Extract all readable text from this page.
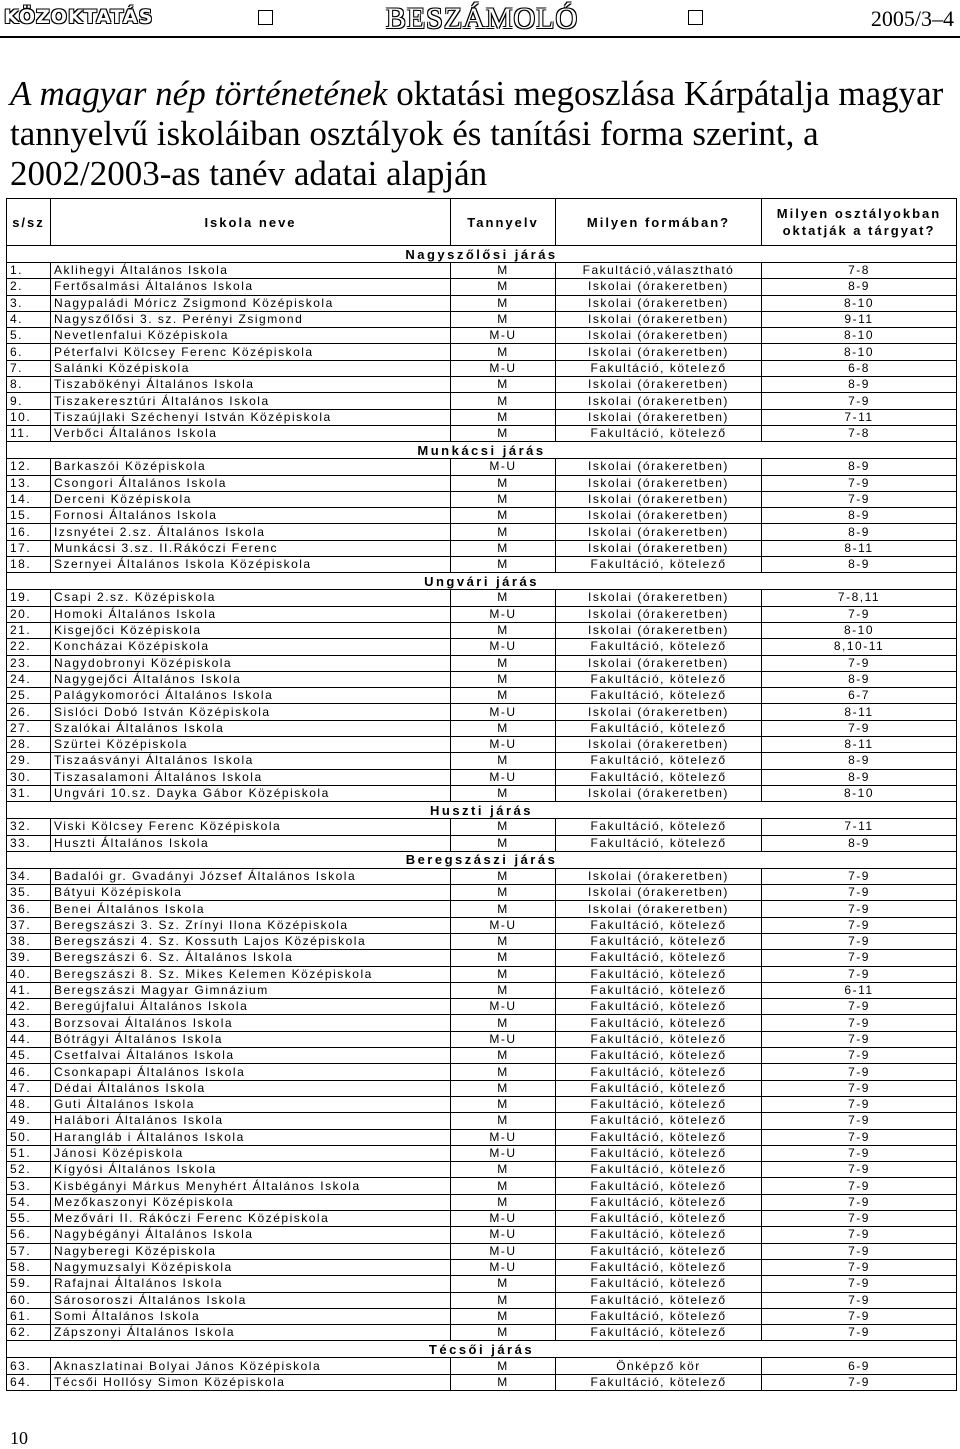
KÖZOKTATÁS	BESZÁMOLÓ	2005/3–4
A magyar nép történetének oktatási megoszlása Kárpátalja magyar tannyelvű iskoláiban osztályok és tanítási forma szerint, a 2002/2003-as tanév adatai alapján
s/sz	Iskola neve	Tannyelv	Milyen formában?	Milyen osztályokban oktatják a tárgyat?
Nagyszőlősi járás				
1.	Aklihegyi Általános Iskola	M	Fakultáció,választható	7-8
2.	Fertősalmási Általános Iskola	M	Iskolai (órakeretben)	8-9
3.	Nagypaládi Móricz Zsigmond Középiskola	M	Iskolai (órakeretben)	8-10
4.	Nagyszőlősi 3. sz. Perényi Zsigmond	M	Iskolai (órakeretben)	9-11
5.	Nevetlenfalui Középiskola	M-U	Iskolai (órakeretben)	8-10
6.	Péterfalvi Kölcsey Ferenc Középiskola	M	Iskolai (órakeretben)	8-10
7.	Salánki Középiskola	M-U	Fakultáció, kötelező	6-8
8.	Tiszabökényi Általános Iskola	M	Iskolai (órakeretben)	8-9
9.	Tiszakeresztúri Általános Iskola	M	Iskolai (órakeretben)	7-9
10.	Tiszaújlaki Széchenyi István Középiskola	M	Iskolai (órakeretben)	7-11
11.	Verbőci Általános Iskola	M	Fakultáció, kötelező	7-8
Munkácsi járás				
12.	Barkaszói Középiskola	M-U	Iskolai (órakeretben)	8-9
13.	Csongori Általános Iskola	M	Iskolai (órakeretben)	7-9
14.	Derceni Középiskola	M	Iskolai (órakeretben)	7-9
15.	Fornosi Általános Iskola	M	Iskolai (órakeretben)	8-9
16.	Izsnyétei 2.sz. Általános Iskola	M	Iskolai (órakeretben)	8-9
17.	Munkácsi 3.sz. II.Rákóczi Ferenc	M	Iskolai (órakeretben)	8-11
18.	Szernyei Általános Iskola Középiskola	M	Fakultáció, kötelező	8-9
Ungvári járás				
19.	Csapi 2.sz. Középiskola	M	Iskolai (órakeretben)	7-8,11
20.	Homoki Általános Iskola	M-U	Iskolai (órakeretben)	7-9
21.	Kisgejőci Középiskola	M	Iskolai (órakeretben)	8-10
22.	Koncházai Középiskola	M-U	Fakultáció, kötelező	8,10-11
23.	Nagydobronyi Középiskola	M	Iskolai (órakeretben)	7-9
24.	Nagygejőci Általános Iskola	M	Fakultáció, kötelező	8-9
25.	Palágykomoróci Általános Iskola	M	Fakultáció, kötelező	6-7
26.	Sislóci Dobó István Középiskola	M-U	Iskolai (órakeretben)	8-11
27.	Szalókai Általános Iskola	M	Fakultáció, kötelező	7-9
28.	Szürtei Középiskola	M-U	Iskolai (órakeretben)	8-11
29.	Tiszaásványi Általános Iskola	M	Fakultáció, kötelező	8-9
30.	Tiszasalamoni Általános Iskola	M-U	Fakultáció, kötelező	8-9
31.	Ungvári 10.sz. Dayka Gábor Középiskola	M	Iskolai (órakeretben)	8-10
Huszti járás				
32.	Viski Kölcsey Ferenc Középiskola	M	Fakultáció, kötelező	7-11
33.	Huszti Általános Iskola	M	Fakultáció, kötelező	8-9
Beregszászi járás				
34.	Badalói gr. Gvadányi József Általános Iskola	M	Iskolai (órakeretben)	7-9
35.	Bátyui Középiskola	M	Iskolai (órakeretben)	7-9
36.	Benei Általános Iskola	M	Iskolai (órakeretben)	7-9
37.	Beregszászi 3. Sz. Zrínyi Ilona Középiskola	M-U	Fakultáció, kötelező	7-9
38.	Beregszászi 4. Sz. Kossuth Lajos Középiskola	M	Fakultáció, kötelező	7-9
39.	Beregszászi 6. Sz. Általános Iskola	M	Fakultáció, kötelező	7-9
40.	Beregszászi 8. Sz. Mikes Kelemen Középiskola	M	Fakultáció, kötelező	7-9
41.	Beregszászi Magyar Gimnázium	M	Fakultáció, kötelező	6-11
42.	Beregújfalui Általános Iskola	M-U	Fakultáció, kötelező	7-9
43.	Borzsovai Általános Iskola	M	Fakultáció, kötelező	7-9
44.	Bótrágyi Általános Iskola	M-U	Fakultáció, kötelező	7-9
45.	Csetfalvai Általános Iskola	M	Fakultáció, kötelező	7-9
46.	Csonkapapi Általános Iskola	M	Fakultáció, kötelező	7-9
47.	Dédai Általános Iskola	M	Fakultáció, kötelező	7-9
48.	Guti Általános Iskola	M	Fakultáció, kötelező	7-9
49.	Halábori Általános Iskola	M	Fakultáció, kötelező	7-9
50.	Harangláb i Általános Iskola	M-U	Fakultáció, kötelező	7-9
51.	Jánosi Középiskola	M-U	Fakultáció, kötelező	7-9
52.	Kígyósi Általános Iskola	M	Fakultáció, kötelező	7-9
53.	Kisbégányi Márkus Menyhért Általános Iskola	M	Fakultáció, kötelező	7-9
54.	Mezőkaszonyi Középiskola	M	Fakultáció, kötelező	7-9
55.	Mezővári II. Rákóczi Ferenc Középiskola	M-U	Fakultáció, kötelező	7-9
56.	Nagybégányi Általános Iskola	M-U	Fakultáció, kötelező	7-9
57.	Nagyberegi Középiskola	M-U	Fakultáció, kötelező	7-9
58.	Nagymuzsalyi Középiskola	M-U	Fakultáció, kötelező	7-9
59.	Rafajnai Általános Iskola	M	Fakultáció, kötelező	7-9
60.	Sárosoroszi Általános Iskola	M	Fakultáció, kötelező	7-9
61.	Somi Általános Iskola	M	Fakultáció, kötelező	7-9
62.	Zápszonyi Általános Iskola	M	Fakultáció, kötelező	7-9
Técsői járás				
63.	Aknaszlatinai Bolyai János Középiskola	M	Önképző kör	6-9
64.	Técsői Hollósy Simon Középiskola	M	Fakultáció, kötelező	7-9
10
